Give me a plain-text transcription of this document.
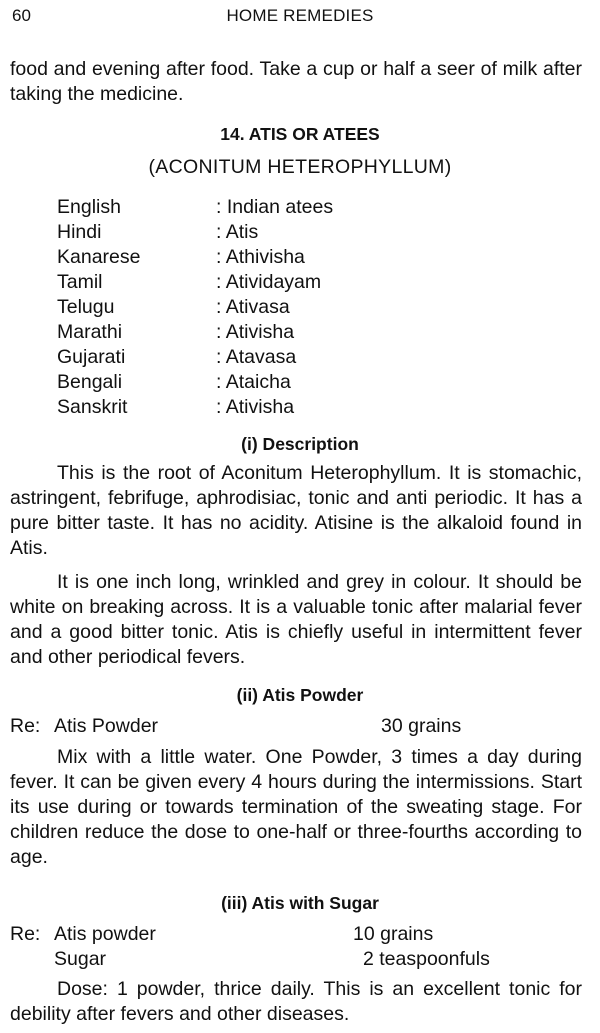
60	HOME REMEDIES
food and evening after food. Take a cup or half a seer of milk after taking the medicine.
14. ATIS OR ATEES
(ACONITUM HETEROPHYLLUM)
English	: Indian atees
Hindi	: Atis
Kanarese	: Athivisha
Tamil	: Atividayam
Telugu	: Ativasa
Marathi	: Ativisha
Gujarati	: Atavasa
Bengali	: Ataicha
Sanskrit	: Ativisha
(i) Description
This is the root of Aconitum Heterophyllum. It is stomachic, astringent, febrifuge, aphrodisiac, tonic and anti periodic. It has a pure bitter taste. It has no acidity. Atisine is the alkaloid found in Atis.
It is one inch long, wrinkled and grey in colour. It should be white on breaking across. It is a valuable tonic after malarial fever and a good bitter tonic. Atis is chiefly useful in intermittent fever and other periodical fevers.
(ii) Atis Powder
Re: Atis Powder	30 grains
Mix with a little water. One Powder, 3 times a day during fever. It can be given every 4 hours during the intermissions. Start its use during or towards termination of the sweating stage. For children reduce the dose to one-half or three-fourths according to age.
(iii) Atis with Sugar
Re: Atis powder	10 grains
Sugar	2 teaspoonfuls
Dose: 1 powder, thrice daily. This is an excellent tonic for debility after fevers and other diseases.
